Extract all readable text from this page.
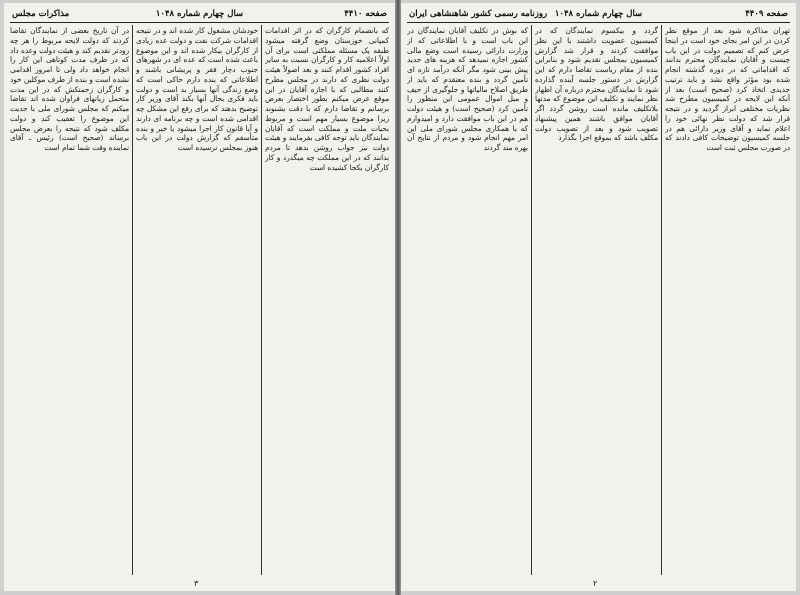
صفحه ۴۴۱۰
سال چهارم شماره ۱۰۴۸
مذاکرات مجلس
که بانضمام کارگران که در اثر اقدامات کمپانی خوزستان وضع گرفته میشود طبقه یک مسئله مملکتی است برای آن اولاً اعلامیه کار و کارگران نسبت به سایر افراد کشور اقدام کنند و بعد اصولاً هیئت دولت نظری که دارند در مجلس مطرح کنند مطالبی که با اجازه آقایان در این موقع عرض میکنم بطور اختصار بعرض برسانم و تقاضا دارم که با دقت بشنوند زیرا موضوع بسیار مهم است و مربوط بحیات ملت و مملکت است که آقایان نمایندگان باید توجه کافی بفرمایند و هیئت دولت نیز جواب روشن بدهد تا مردم بدانند که در این مملکت چه میگذرد و کار کارگران بکجا کشیده است
خودشان مشغول کار شده اند و در نتیجه اقدامات شرکت نفت و دولت عده زیادی از کارگران بیکار شده اند و این موضوع باعث شده است که عده ای در شهرهای جنوب دچار فقر و پریشانی باشند و اطلاعاتی که بنده دارم حاکی است که وضع زندگی آنها بسیار بد است و دولت باید فکری بحال آنها بکند آقای وزیر کار توضیح بدهند که برای رفع این مشکل چه اقدامی شده است و چه برنامه ای دارند و آیا قانون کار اجرا میشود یا خیر و بنده متأسفم که گزارش دولت در این باب هنوز بمجلس نرسیده است
در آن تاریخ بعضی از نمایندگان تقاضا کردند که دولت لایحه مربوط را هر چه زودتر تقدیم کند و هیئت دولت وعده داد که در ظرف مدت کوتاهی این کار را انجام خواهد داد ولی تا امروز اقدامی نشده است و بنده از طرف موکلین خود و کارگران زحمتکش که در این مدت متحمل زیانهای فراوان شده اند تقاضا میکنم که مجلس شورای ملی با جدیت این موضوع را تعقیب کند و دولت مکلف شود که نتیجه را بعرض مجلس برساند (صحیح است) رئیس ـ آقای نماینده وقت شما تمام است
۳
صفحه ۴۴۰۹
سال چهارم شماره ۱۰۴۸
روزنامه رسمی کشور شاهنشاهی ایران
تهران مذاکره شود بعد از موقع نظر کردن در این امر بجای خود است در اینجا عرض کنم که تصمیم دولت در این باب چیست و آقایان نمایندگان محترم بدانند که اقداماتی که در دوره گذشته انجام شده بود مؤثر واقع نشد و باید ترتیب جدیدی اتخاذ کرد (صحیح است) بعد از آنکه این لایحه در کمیسیون مطرح شد نظریات مختلفی ابراز گردید و در نتیجه قرار شد که دولت نظر نهائی خود را اعلام نماید و آقای وزیر دارائی هم در جلسه کمیسیون توضیحات کافی دادند که در صورت مجلس ثبت است
گردد و بیکسوم نمایندگان که در کمیسیون عضویت داشتند با این نظر موافقت کردند و قرار شد گزارش کمیسیون بمجلس تقدیم شود و بنابراین بنده از مقام ریاست تقاضا دارم که این گزارش در دستور جلسه آینده گذارده شود تا نمایندگان محترم درباره آن اظهار نظر نمایند و تکلیف این موضوع که مدتها بلاتکلیف مانده است روشن گردد اگر آقایان موافق باشند همین پیشنهاد تصویب شود و بعد از تصویب دولت مکلف باشد که بموقع اجرا بگذارد
که بوش در تکلیف آقایان نمایندگان در این باب است و با اطلاعاتی که از وزارت دارائی رسیده است وضع مالی کشور اجازه نمیدهد که هزینه های جدید پیش بینی شود مگر آنکه درآمد تازه ای تأمین گردد و بنده معتقدم که باید از طریق اصلاح مالیاتها و جلوگیری از حیف و میل اموال عمومی این منظور را تأمین کرد (صحیح است) و هیئت دولت هم در این باب موافقت دارد و امیدوارم که با همکاری مجلس شورای ملی این امر مهم انجام شود و مردم از نتایج آن بهره مند گردند
۲
